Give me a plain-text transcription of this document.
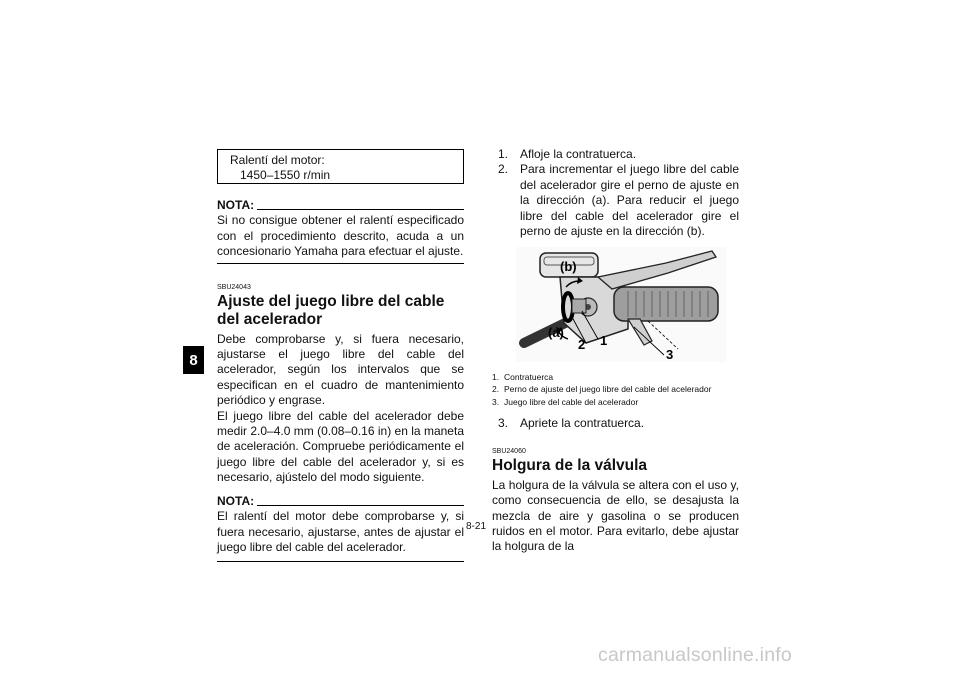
8
Ralentí del motor:
1450–1550 r/min
NOTA:

Si no consigue obtener el ralentí especificado con el procedimiento descrito, acuda a un concesionario Yamaha para efectuar el ajuste.

SBU24043
Ajuste del juego libre del cable del acelerador

Debe comprobarse y, si fuera necesario, ajustarse el juego libre del cable del acelerador, según los intervalos que se especifican en el cuadro de mantenimiento periódico y engrase.

El juego libre del cable del acelerador debe medir 2.0–4.0 mm (0.08–0.16 in) en la maneta de aceleración. Compruebe periódicamente el juego libre del cable del acelerador y, si es necesario, ajústelo del modo siguiente.

NOTA:

El ralentí del motor debe comprobarse y, si fuera necesario, ajustarse, antes de ajustar el juego libre del cable del acelerador.

1. Afloje la contratuerca.
2. Para incrementar el juego libre del cable del acelerador gire el perno de ajuste en la dirección (a). Para reducir el juego libre del cable del acelerador gire el perno de ajuste en la dirección (b).
(b)
(a)
2 1
3
1. Contratuerca
2. Perno de ajuste del juego libre del cable del acelerador
3. Juego libre del cable del acelerador
3. Apriete la contratuerca.
SBU24060
Holgura de la válvula

La holgura de la válvula se altera con el uso y, como consecuencia de ello, se desajusta la mezcla de aire y gasolina o se producen ruidos en el motor. Para evitarlo, debe ajustar la holgura de la

8-21
carmanualsonline.info
